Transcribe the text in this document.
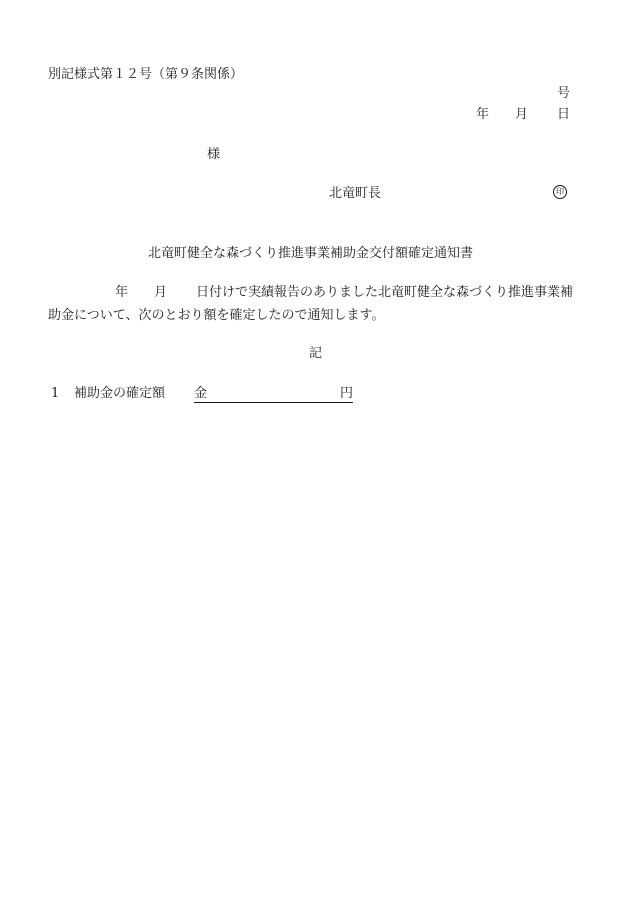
別記様式第１２号（第９条関係）
号
年 月 日
様
北竜町長	印
北竜町健全な森づくり推進事業補助金交付額確定通知書
年 月 日付けで実績報告のありました北竜町健全な森づくり推進事業補
助金について、次のとおり額を確定したので通知します。
記
1 補助金の確定額 金	円
